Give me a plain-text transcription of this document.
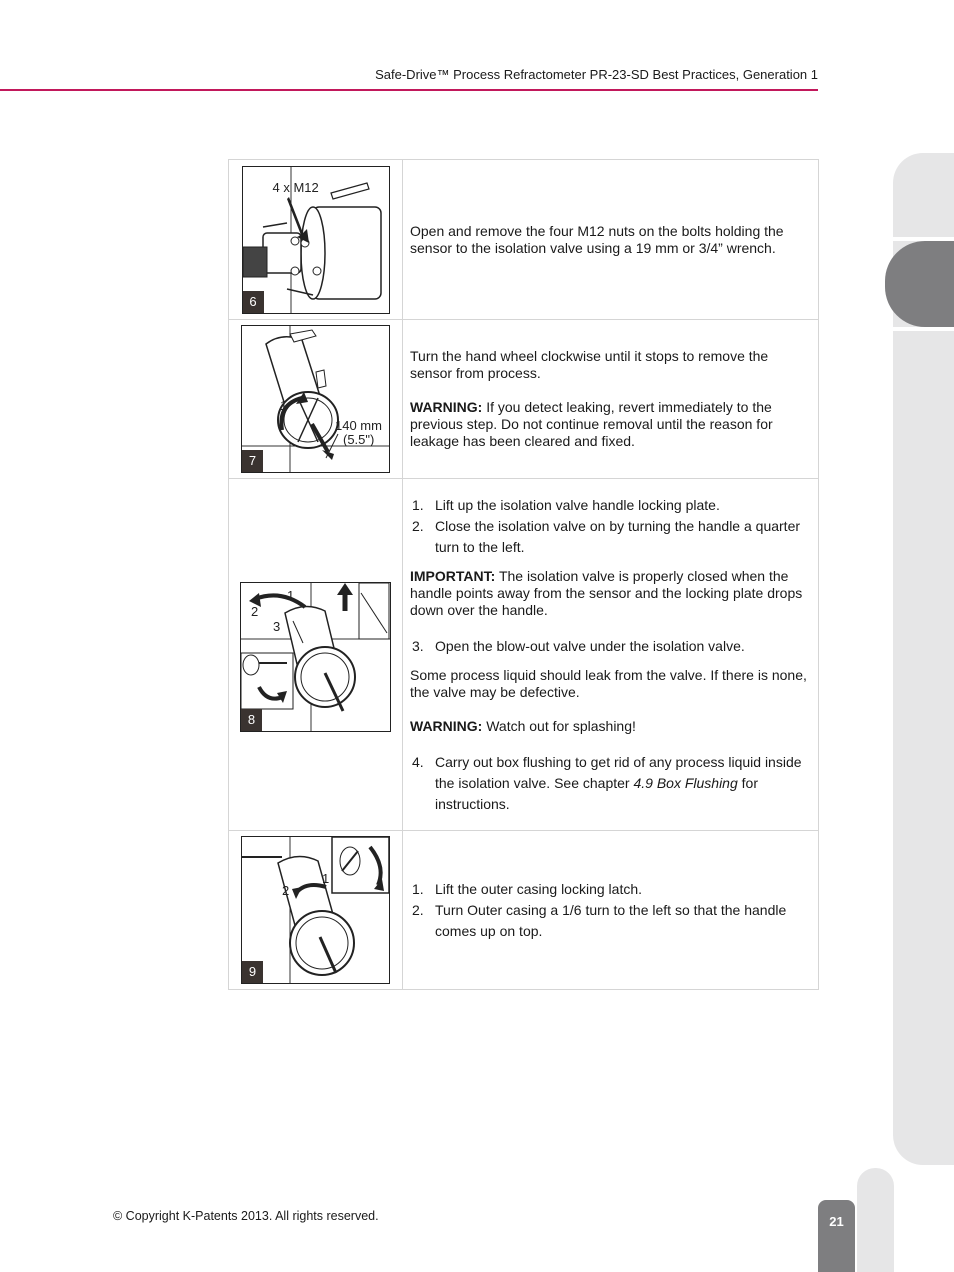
Safe-Drive™ Process Refractometer PR-23-SD Best Practices, Generation 1
4 x M12
6

Open and remove the four M12 nuts on the bolts holding the sensor to the isolation valve using a 19 mm or 3/4” wrench.

1
140 mm
(5.5")
7

Turn the hand wheel clockwise until it stops to remove the sensor from process.

WARNING: If you detect leaking, revert immediately to the previous step. Do not continue removal until the reason for leakage has been cleared and fixed.

1
2
3
8
1. Lift up the isolation valve handle locking plate.
2. Close the isolation valve on by turning the handle a quarter turn to the left.

IMPORTANT: The isolation valve is properly closed when the handle points away from the sensor and the locking plate drops down over the handle.

3. Open the blow-out valve under the isolation valve.

Some process liquid should leak from the valve. If there is none, the valve may be defective.

WARNING: Watch out for splashing!

4. Carry out box flushing to get rid of any process liquid inside the isolation valve. See chapter 4.9 Box Flushing for instructions.
2
1
9
1. Lift the outer casing locking latch.
2. Turn Outer casing a 1/6 turn to the left so that the handle comes up on top.
© Copyright K-Patents 2013. All rights reserved.	21
